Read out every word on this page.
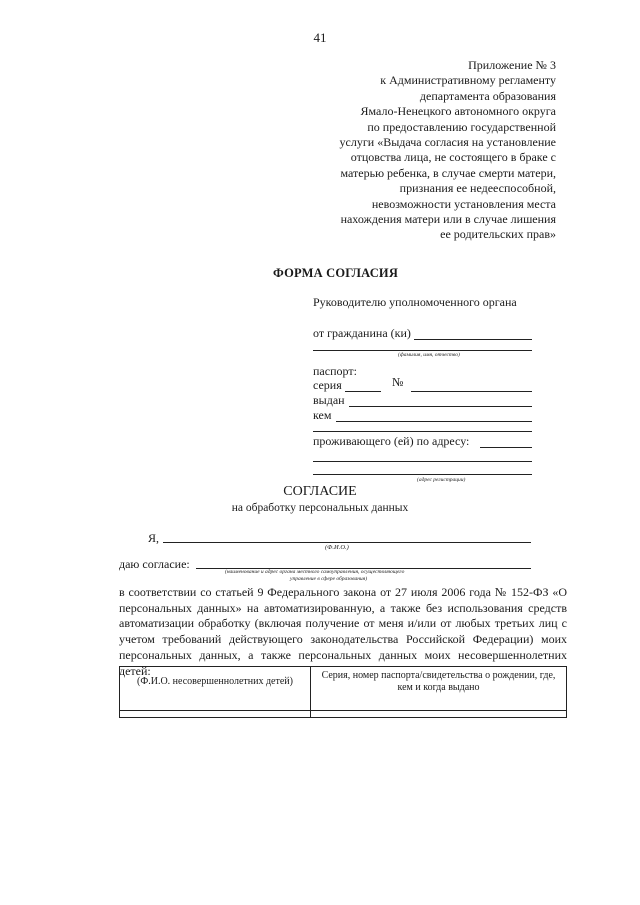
41
Приложение № 3
к Административному регламенту
департамента образования
Ямало-Ненецкого автономного округа
по предоставлению государственной
услуги «Выдача согласия на установление
отцовства лица, не состоящего в браке с
матерью ребенка, в случае смерти матери,
признания ее недееспособной,
невозможности установления места
нахождения матери или в случае лишения
ее родительских прав»
ФОРМА СОГЛАСИЯ
Руководителю уполномоченного органа
от гражданина (ки)
(фамилия, имя, отчество)
паспорт:
серия	№
выдан
кем
проживающего (ей) по адресу:
(адрес регистрации)
СОГЛАСИЕ
на обработку персональных данных
Я,
(Ф.И.О.)
даю согласие:
(наименование и адрес органа местного самоуправления, осуществляющего
управление в сфере образования)
в соответствии со статьей 9 Федерального закона от 27 июля 2006 года № 152-ФЗ «О персональных данных» на автоматизированную, а также без использования средств автоматизации обработку (включая получение от меня и/или от любых третьих лиц с учетом требований действующего законодательства Российской Федерации) моих персональных данных, а также персональных данных моих несовершеннолетних детей:
(Ф.И.О. несовершеннолетних детей)	Серия, номер паспорта/свидетельства о рождении, где, кем и когда выдано
